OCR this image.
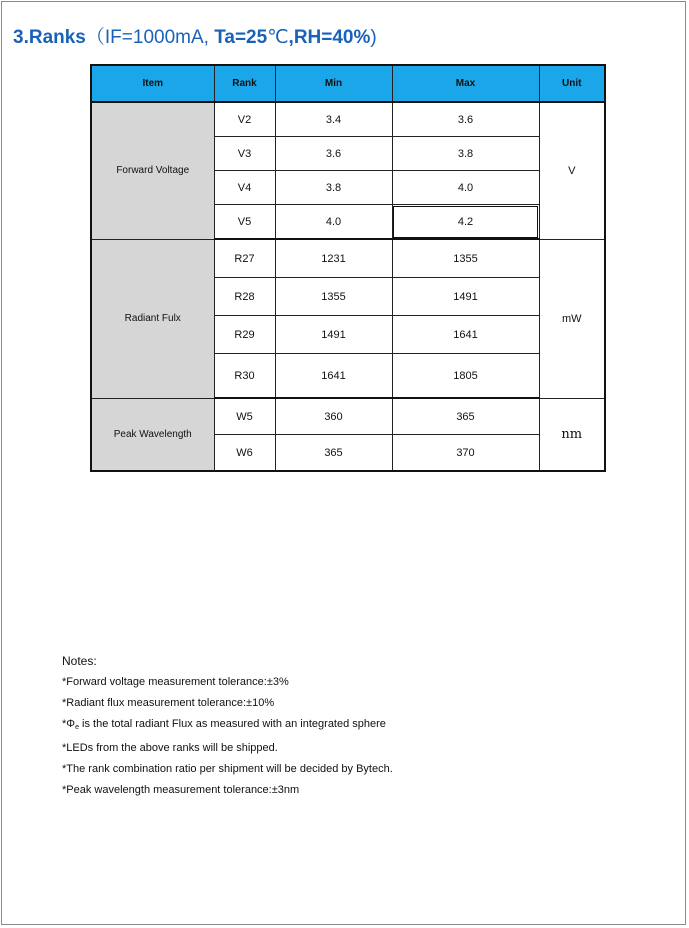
3.Ranks（IF=1000mA, Ta=25℃,RH=40%)
Item	Rank	Min	Max	Unit
Forward Voltage	V2	3.4	3.6	V
	V3	3.6	3.8	
	V4	3.8	4.0	
	V5	4.0	4.2	
Radiant Fulx	R27	1231	1355	mW
	R28	1355	1491	
	R29	1491	1641	
	R30	1641	1805	
Peak Wavelength	W5	360	365	nm
	W6	365	370	

Notes:

*Forward voltage measurement tolerance:±3%

*Radiant flux measurement tolerance:±10%

$*\Phi_e$ is the total radiant Flux as measured with an integrated sphere

*LEDs from the above ranks will be shipped.

*The rank combination ratio per shipment will be decided by Bytech.

*Peak wavelength measurement tolerance:±3nm
